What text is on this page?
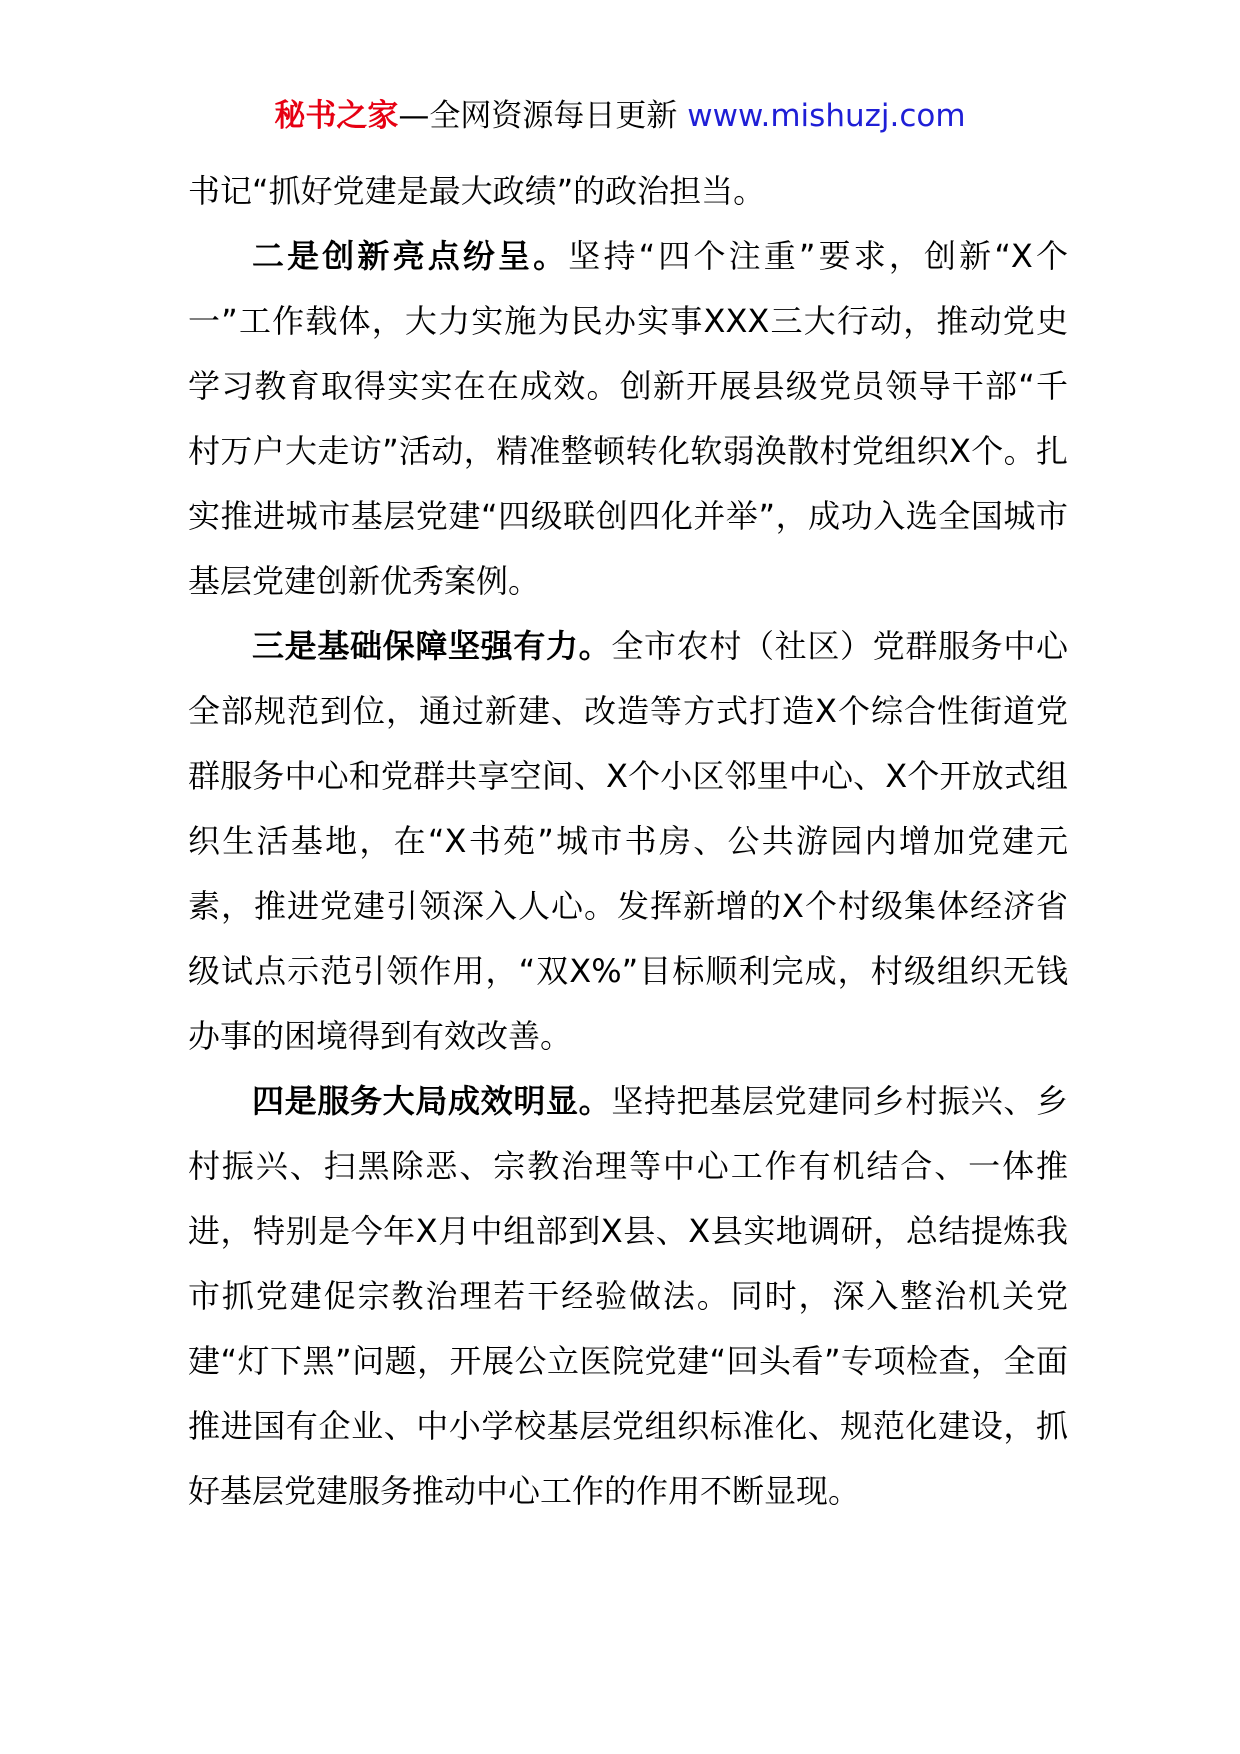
秘书之家—全网资源每日更新 www.mishuzj.com

书记“抓好党建是最大政绩”的政治担当。

二是创新亮点纷呈。坚持“四个注重”要求，创新“X个一”工作载体，大力实施为民办实事XXX三大行动，推动党史学习教育取得实实在在成效。创新开展县级党员领导干部“千村万户大走访”活动，精准整顿转化软弱涣散村党组织X个。扎实推进城市基层党建“四级联创四化并举”，成功入选全国城市基层党建创新优秀案例。

三是基础保障坚强有力。全市农村（社区）党群服务中心全部规范到位，通过新建、改造等方式打造X个综合性街道党群服务中心和党群共享空间、X个小区邻里中心、X个开放式组织生活基地，在“X书苑”城市书房、公共游园内增加党建元素，推进党建引领深入人心。发挥新增的X个村级集体经济省级试点示范引领作用，“双X%”目标顺利完成，村级组织无钱办事的困境得到有效改善。

四是服务大局成效明显。坚持把基层党建同乡村振兴、乡村振兴、扫黑除恶、宗教治理等中心工作有机结合、一体推进，特别是今年X月中组部到X县、X县实地调研，总结提炼我市抓党建促宗教治理若干经验做法。同时，深入整治机关党建“灯下黑”问题，开展公立医院党建“回头看”专项检查，全面推进国有企业、中小学校基层党组织标准化、规范化建设，抓好基层党建服务推动中心工作的作用不断显现。
